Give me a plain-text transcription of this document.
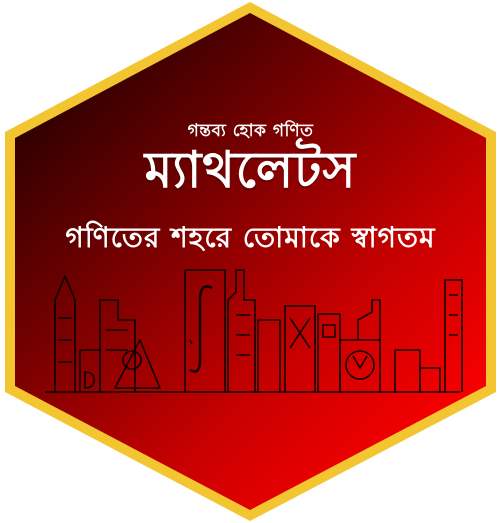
গন্তব্য হোক গণিত
ম্যাথলেটস
গণিতের শহরে তোমাকে স্বাগতম
